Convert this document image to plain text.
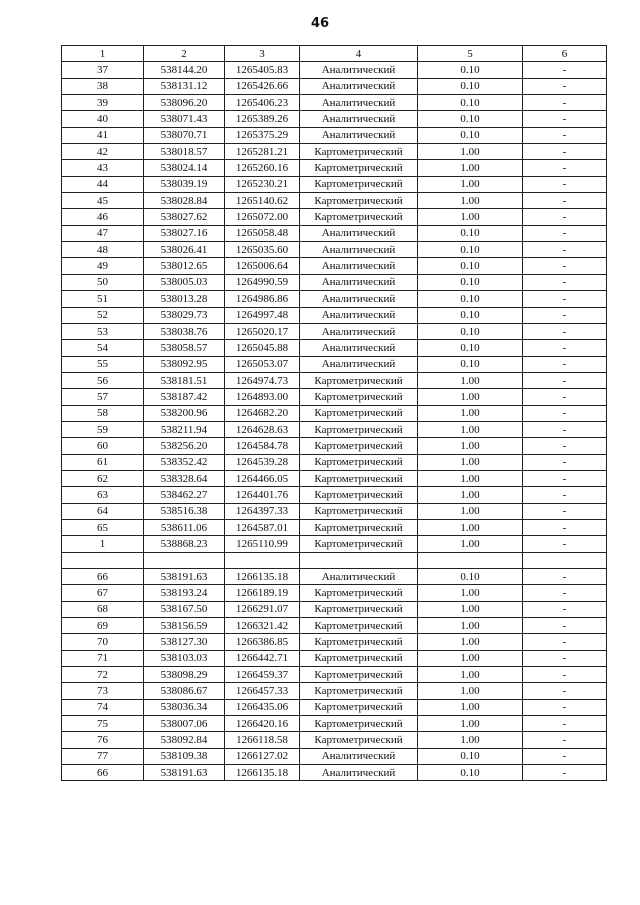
46
1	2	3	4	5	6
37	538144.20	1265405.83	Аналитический	0.10	-
38	538131.12	1265426.66	Аналитический	0.10	-
39	538096.20	1265406.23	Аналитический	0.10	-
40	538071.43	1265389.26	Аналитический	0.10	-
41	538070.71	1265375.29	Аналитический	0.10	-
42	538018.57	1265281.21	Картометрический	1.00	-
43	538024.14	1265260.16	Картометрический	1.00	-
44	538039.19	1265230.21	Картометрический	1.00	-
45	538028.84	1265140.62	Картометрический	1.00	-
46	538027.62	1265072.00	Картометрический	1.00	-
47	538027.16	1265058.48	Аналитический	0.10	-
48	538026.41	1265035.60	Аналитический	0.10	-
49	538012.65	1265006.64	Аналитический	0.10	-
50	538005.03	1264990.59	Аналитический	0.10	-
51	538013.28	1264986.86	Аналитический	0.10	-
52	538029.73	1264997.48	Аналитический	0.10	-
53	538038.76	1265020.17	Аналитический	0.10	-
54	538058.57	1265045.88	Аналитический	0.10	-
55	538092.95	1265053.07	Аналитический	0.10	-
56	538181.51	1264974.73	Картометрический	1.00	-
57	538187.42	1264893.00	Картометрический	1.00	-
58	538200.96	1264682.20	Картометрический	1.00	-
59	538211.94	1264628.63	Картометрический	1.00	-
60	538256.20	1264584.78	Картометрический	1.00	-
61	538352.42	1264539.28	Картометрический	1.00	-
62	538328.64	1264466.05	Картометрический	1.00	-
63	538462.27	1264401.76	Картометрический	1.00	-
64	538516.38	1264397.33	Картометрический	1.00	-
65	538611.06	1264587.01	Картометрический	1.00	-
1	538868.23	1265110.99	Картометрический	1.00	-

66	538191.63	1266135.18	Аналитический	0.10	-
67	538193.24	1266189.19	Картометрический	1.00	-
68	538167.50	1266291.07	Картометрический	1.00	-
69	538156.59	1266321.42	Картометрический	1.00	-
70	538127.30	1266386.85	Картометрический	1.00	-
71	538103.03	1266442.71	Картометрический	1.00	-
72	538098.29	1266459.37	Картометрический	1.00	-
73	538086.67	1266457.33	Картометрический	1.00	-
74	538036.34	1266435.06	Картометрический	1.00	-
75	538007.06	1266420.16	Картометрический	1.00	-
76	538092.84	1266118.58	Картометрический	1.00	-
77	538109.38	1266127.02	Аналитический	0.10	-
66	538191.63	1266135.18	Аналитический	0.10	-
